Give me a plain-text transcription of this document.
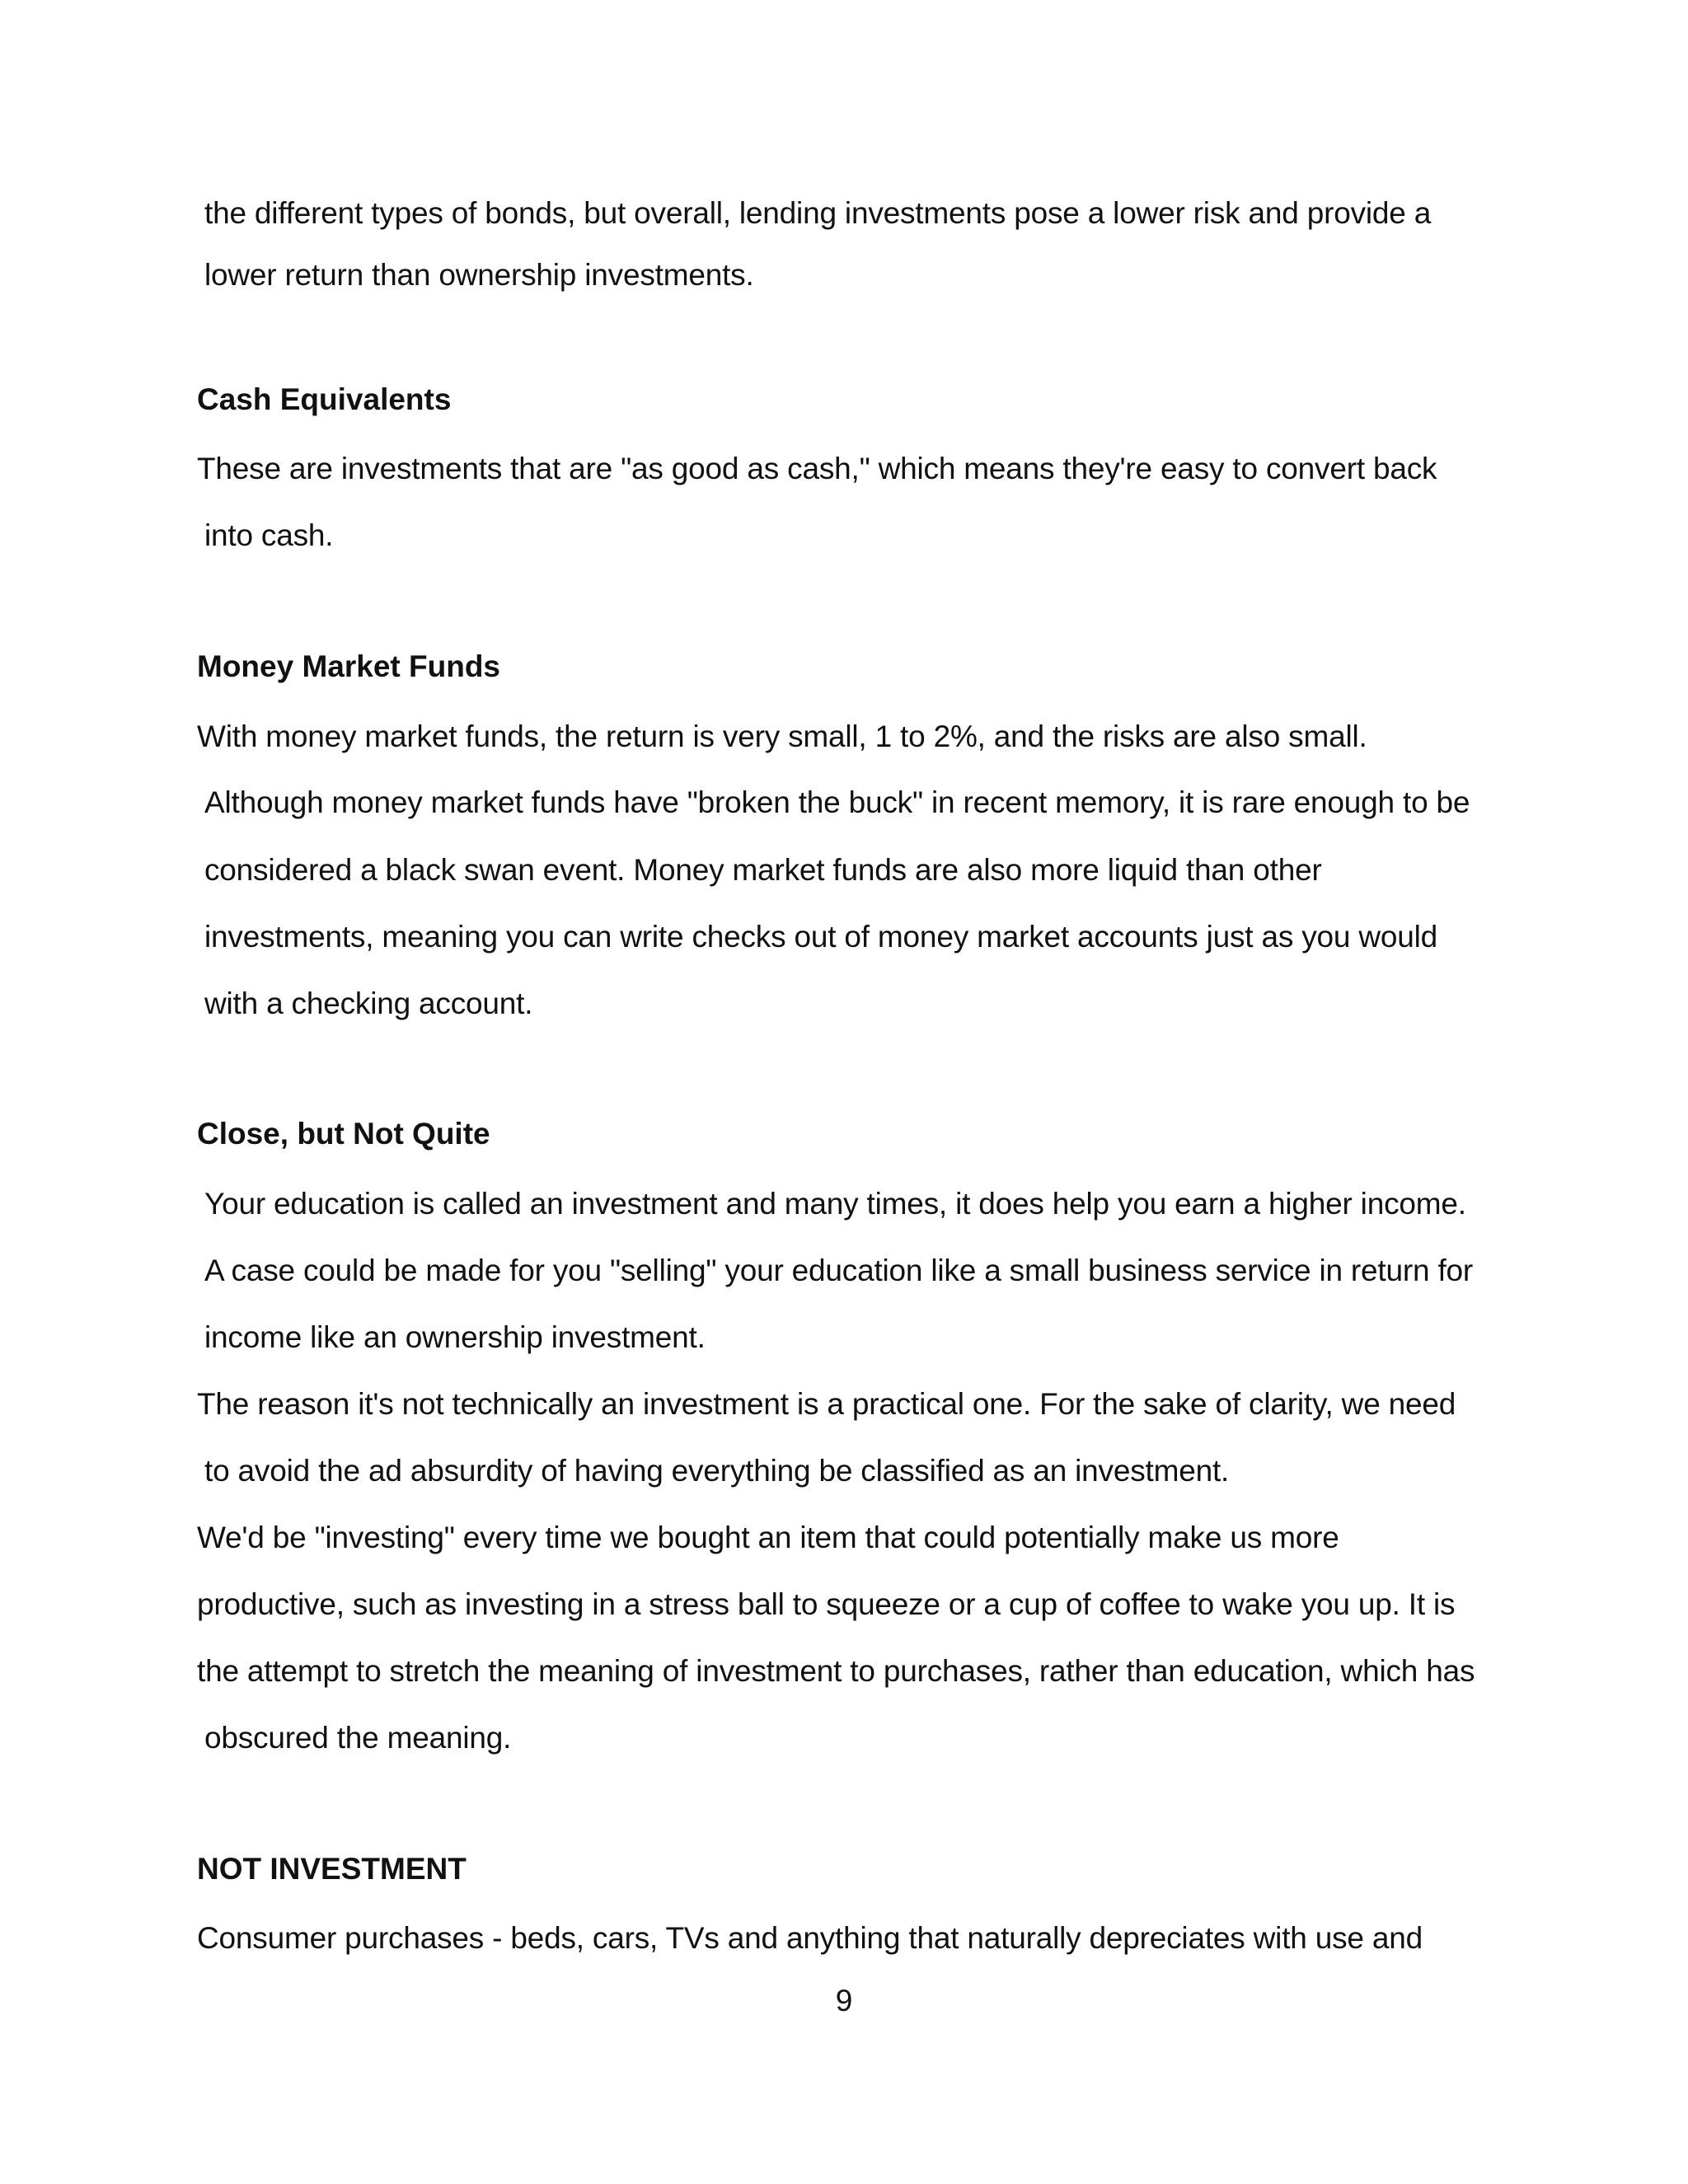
the different types of bonds, but overall, lending investments pose a lower risk and provide a
lower return than ownership investments.
Cash Equivalents
These are investments that are "as good as cash," which means they're easy to convert back
into cash.
Money Market Funds
With money market funds, the return is very small, 1 to 2%, and the risks are also small.
Although money market funds have "broken the buck" in recent memory, it is rare enough to be
considered a black swan event. Money market funds are also more liquid than other
investments, meaning you can write checks out of money market accounts just as you would
with a checking account.
Close, but Not Quite
Your education is called an investment and many times, it does help you earn a higher income.
A case could be made for you "selling" your education like a small business service in return for
income like an ownership investment.
The reason it's not technically an investment is a practical one. For the sake of clarity, we need
to avoid the ad absurdity of having everything be classified as an investment.
We'd be "investing" every time we bought an item that could potentially make us more
productive, such as investing in a stress ball to squeeze or a cup of coffee to wake you up. It is
the attempt to stretch the meaning of investment to purchases, rather than education, which has
obscured the meaning.
NOT INVESTMENT
Consumer purchases - beds, cars, TVs and anything that naturally depreciates with use and
9
